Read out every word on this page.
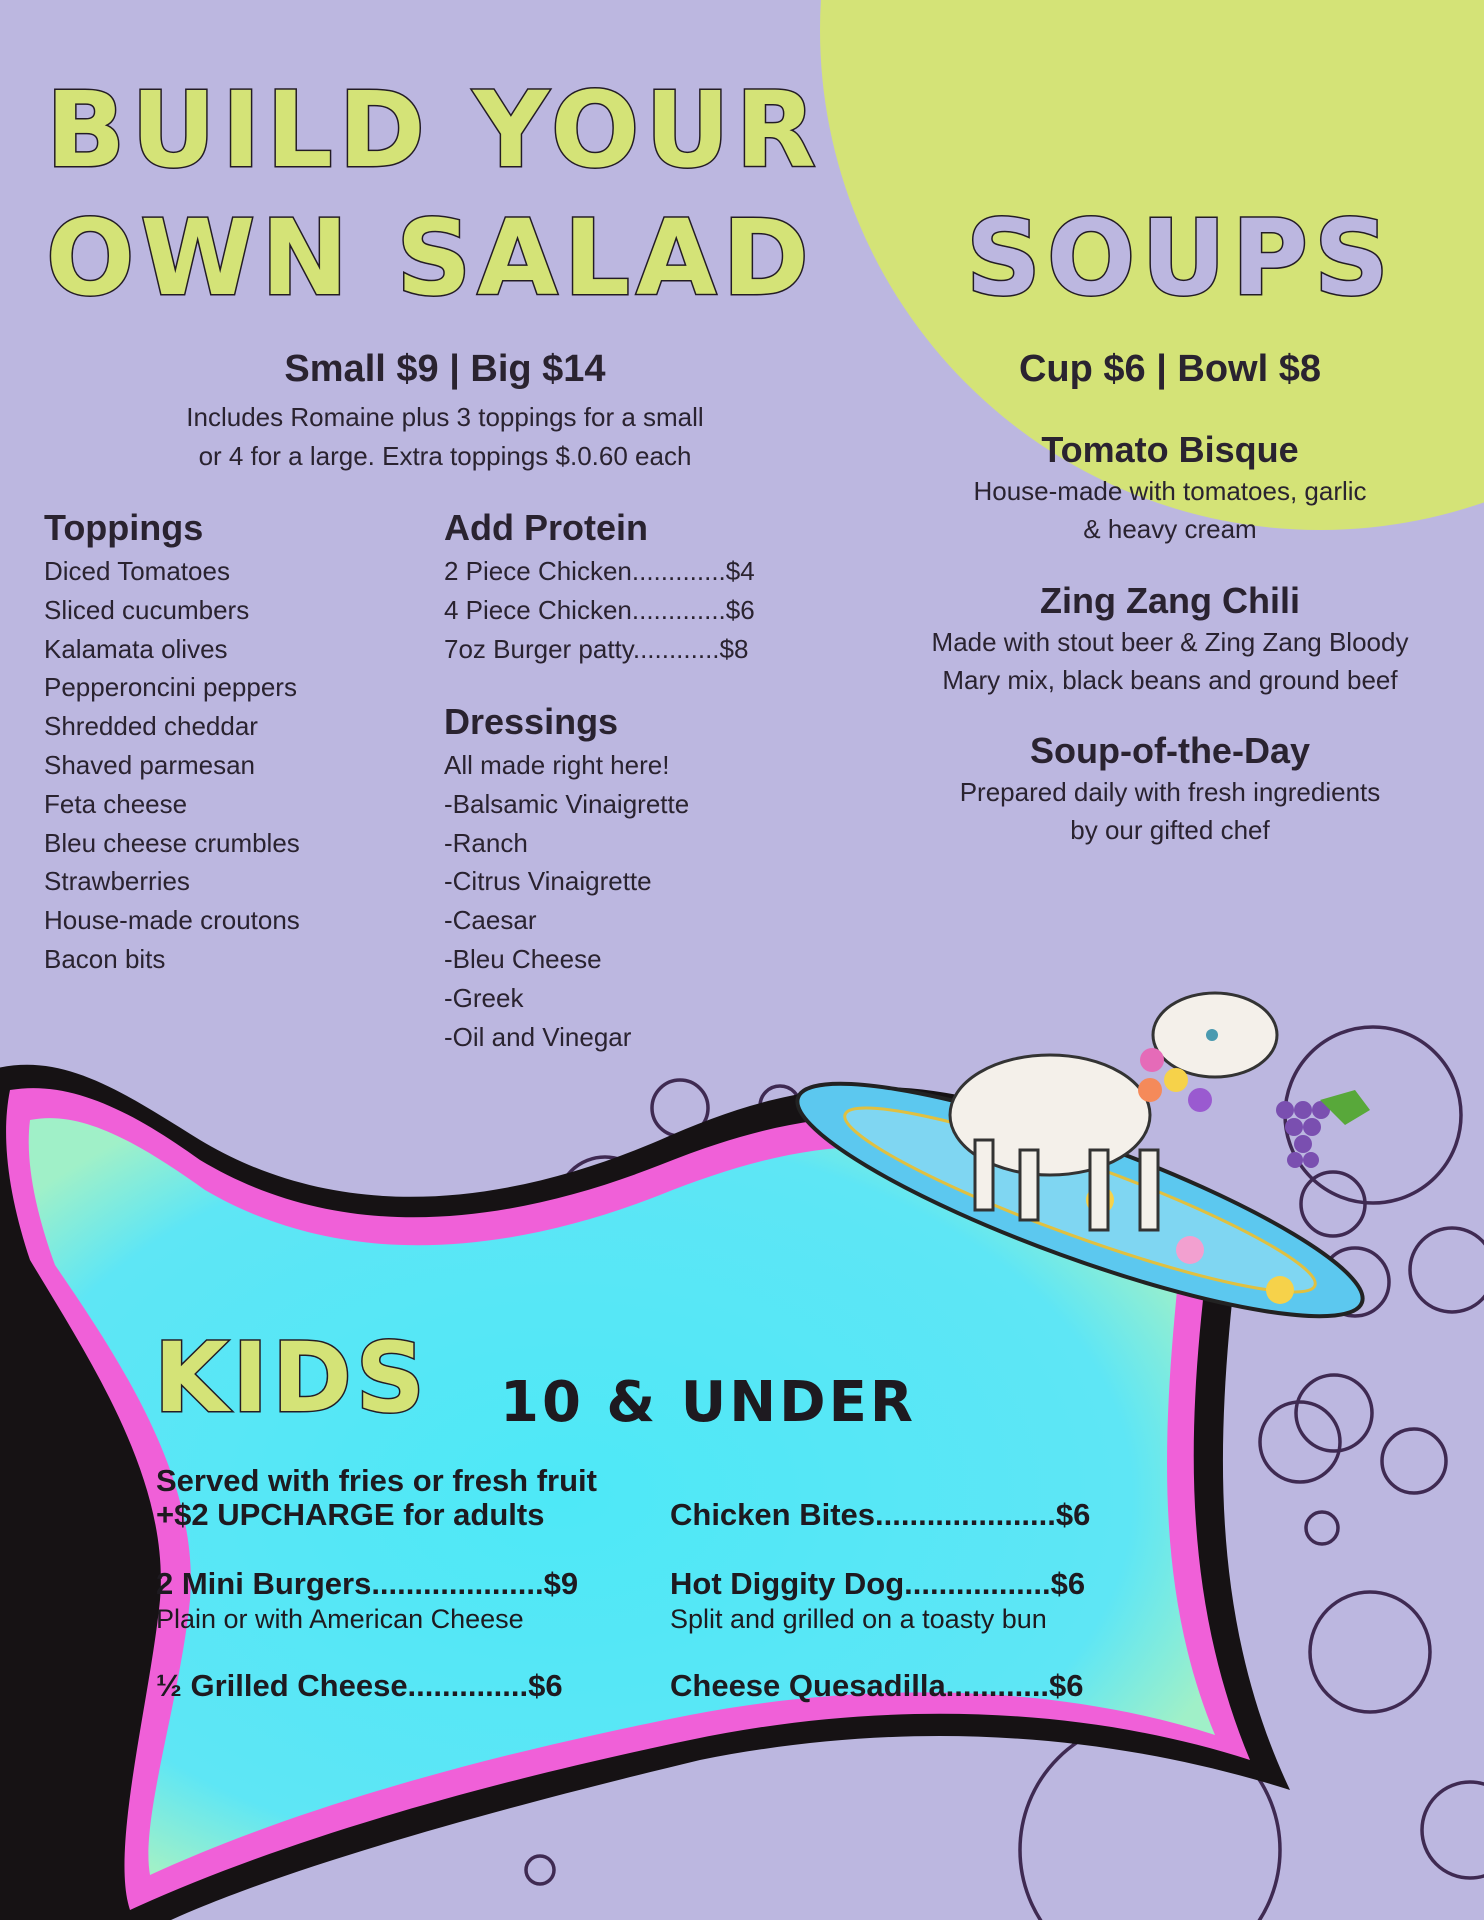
BUILD YOUR
OWN SALAD
Small $9 | Big $14
Includes Romaine plus 3 toppings for a small
or 4 for a large. Extra toppings $.0.60 each
Toppings
Diced Tomatoes
Sliced cucumbers
Kalamata olives
Pepperoncini peppers
Shredded cheddar
Shaved parmesan
Feta cheese
Bleu cheese crumbles
Strawberries
House-made croutons
Bacon bits
Add Protein
2 Piece Chicken.............$4
4 Piece Chicken.............$6
7oz Burger patty............$8
Dressings
All made right here!
-Balsamic Vinaigrette
-Ranch
-Citrus Vinaigrette
-Caesar
-Bleu Cheese
-Greek
-Oil and Vinegar
SOUPS
Cup $6 | Bowl $8
Tomato Bisque
House-made with tomatoes, garlic
& heavy cream
Zing Zang Chili
Made with stout beer & Zing Zang Bloody
Mary mix, black beans and ground beef
Soup-of-the-Day
Prepared daily with fresh ingredients
by our gifted chef
KIDS 10 & UNDER
Served with fries or fresh fruit
+$2 UPCHARGE for adults
2 Mini Burgers....................$9
Plain or with American Cheese
½ Grilled Cheese..............$6
Chicken Bites.....................$6
Hot Diggity Dog.................$6
Split and grilled on a toasty bun
Cheese Quesadilla............$6
